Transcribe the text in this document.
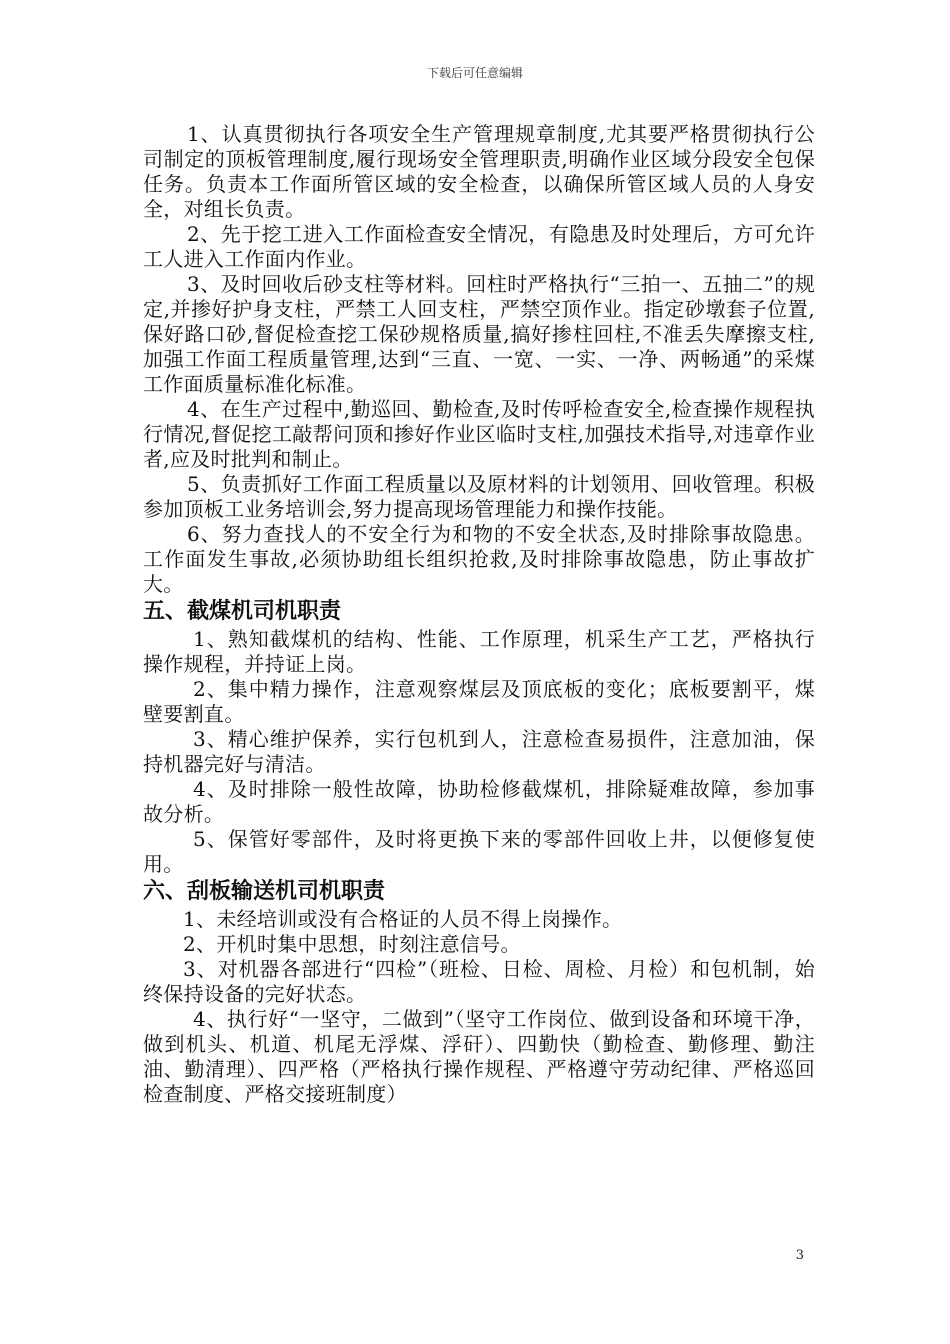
下载后可任意编辑

1、认真贯彻执行各项安全生产管理规章制度,尤其要严格贯彻执行公司制定的顶板管理制度,履行现场安全管理职责,明确作业区域分段安全包保任务。负责本工作面所管区域的安全检查，以确保所管区域人员的人身安全，对组长负责。

2、先于挖工进入工作面检查安全情况，有隐患及时处理后，方可允许工人进入工作面内作业。

3、及时回收后砂支柱等材料。回柱时严格执行“三拍一、五抽二”的规定,并掺好护身支柱，严禁工人回支柱，严禁空顶作业。指定砂墩套子位置,保好路口砂,督促检查挖工保砂规格质量,搞好掺柱回柱,不准丢失摩擦支柱,加强工作面工程质量管理,达到“三直、一宽、一实、一净、两畅通”的采煤工作面质量标准化标准。

4、在生产过程中,勤巡回、勤检查,及时传呼检查安全,检查操作规程执行情况,督促挖工敲帮问顶和掺好作业区临时支柱,加强技术指导,对违章作业者,应及时批判和制止。

5、负责抓好工作面工程质量以及原材料的计划领用、回收管理。积极参加顶板工业务培训会,努力提高现场管理能力和操作技能。

6、努力查找人的不安全行为和物的不安全状态,及时排除事故隐患。工作面发生事故,必须协助组长组织抢救,及时排除事故隐患，防止事故扩大。

五、截煤机司机职责

1、熟知截煤机的结构、性能、工作原理，机采生产工艺，严格执行操作规程，并持证上岗。

2、集中精力操作，注意观察煤层及顶底板的变化；底板要割平，煤壁要割直。

3、精心维护保养，实行包机到人，注意检查易损件，注意加油，保持机器完好与清洁。

4、及时排除一般性故障，协助检修截煤机，排除疑难故障，参加事故分析。

5、保管好零部件，及时将更换下来的零部件回收上井，以便修复使用。

六、刮板输送机司机职责

1、未经培训或没有合格证的人员不得上岗操作。

2、开机时集中思想，时刻注意信号。

3、对机器各部进行“四检”（班检、日检、周检、月检）和包机制，始终保持设备的完好状态。

4、执行好“一坚守，二做到”（坚守工作岗位、做到设备和环境干净，做到机头、机道、机尾无浮煤、浮矸）、四勤快（勤检查、勤修理、勤注油、勤清理）、四严格（严格执行操作规程、严格遵守劳动纪律、严格巡回检查制度、严格交接班制度）

3
